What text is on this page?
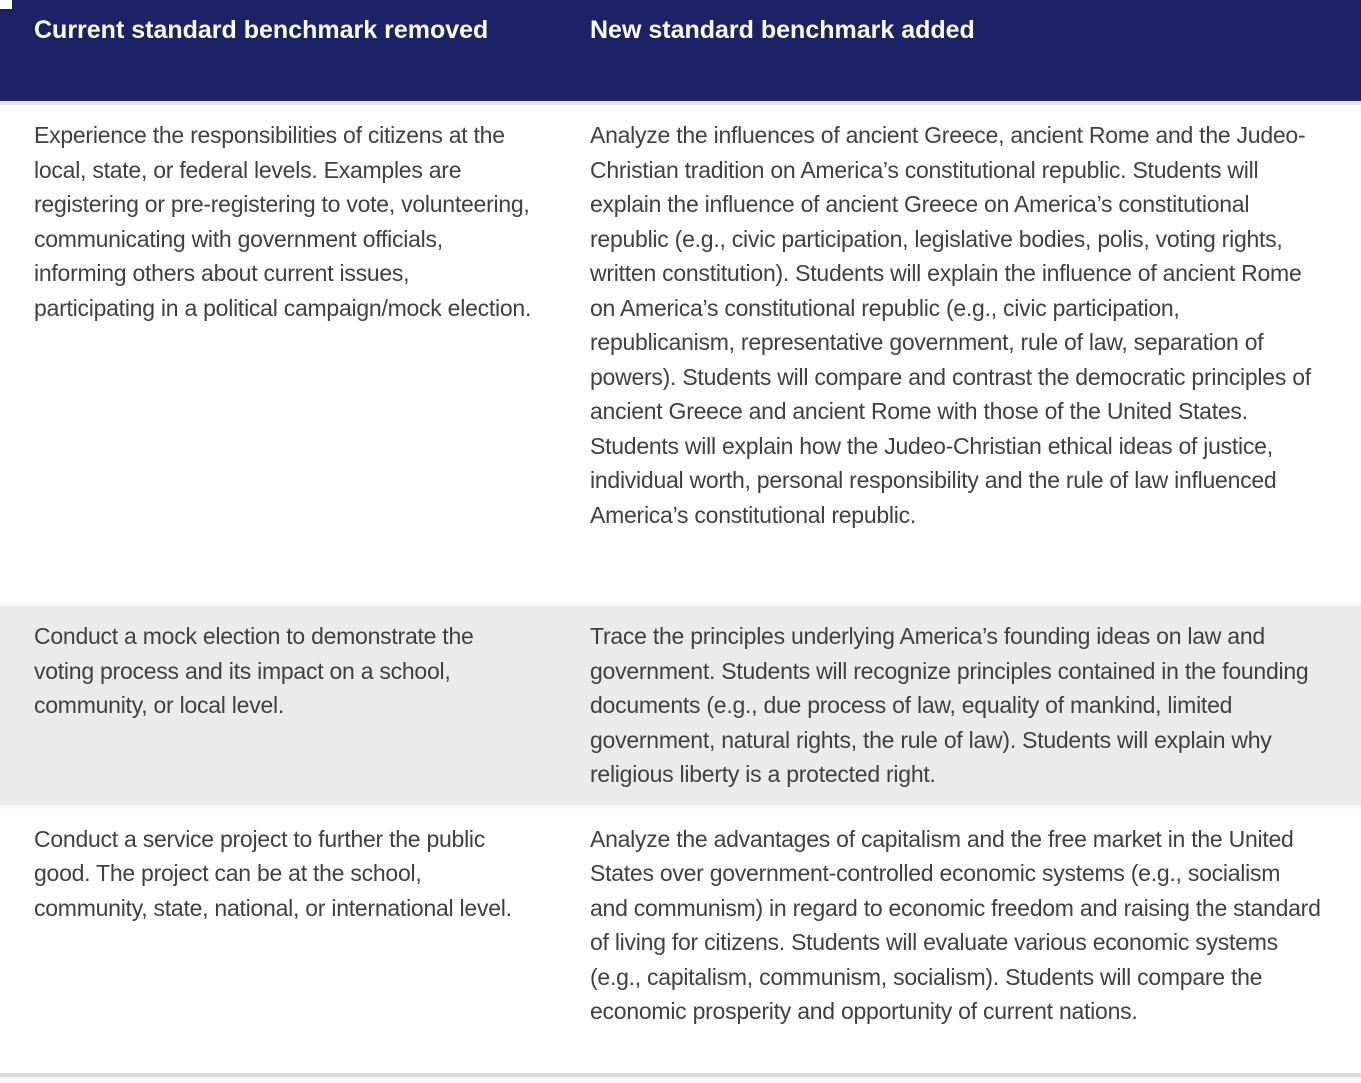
Current standard benchmark removed	New standard benchmark added

Experience the responsibilities of citizens at the local, state, or federal levels. Examples are registering or pre-registering to vote, volunteering, communicating with government officials, informing others about current issues, participating in a political campaign/mock election.	Analyze the influences of ancient Greece, ancient Rome and the Judeo-Christian tradition on America’s constitutional republic. Students will explain the influence of ancient Greece on America’s constitutional republic (e.g., civic participation, legislative bodies, polis, voting rights, written constitution). Students will explain the influence of ancient Rome on America’s constitutional republic (e.g., civic participation, republicanism, representative government, rule of law, separation of powers). Students will compare and contrast the democratic principles of ancient Greece and ancient Rome with those of the United States. Students will explain how the Judeo-Christian ethical ideas of justice, individual worth, personal responsibility and the rule of law influenced America’s constitutional republic.
Conduct a mock election to demonstrate the voting process and its impact on a school, community, or local level.	Trace the principles underlying America’s founding ideas on law and government. Students will recognize principles contained in the founding documents (e.g., due process of law, equality of mankind, limited government, natural rights, the rule of law). Students will explain why religious liberty is a protected right.
Conduct a service project to further the public good. The project can be at the school, community, state, national, or international level.	Analyze the advantages of capitalism and the free market in the United States over government-controlled economic systems (e.g., socialism and communism) in regard to economic freedom and raising the standard of living for citizens. Students will evaluate various economic systems (e.g., capitalism, communism, socialism). Students will compare the economic prosperity and opportunity of current nations.
